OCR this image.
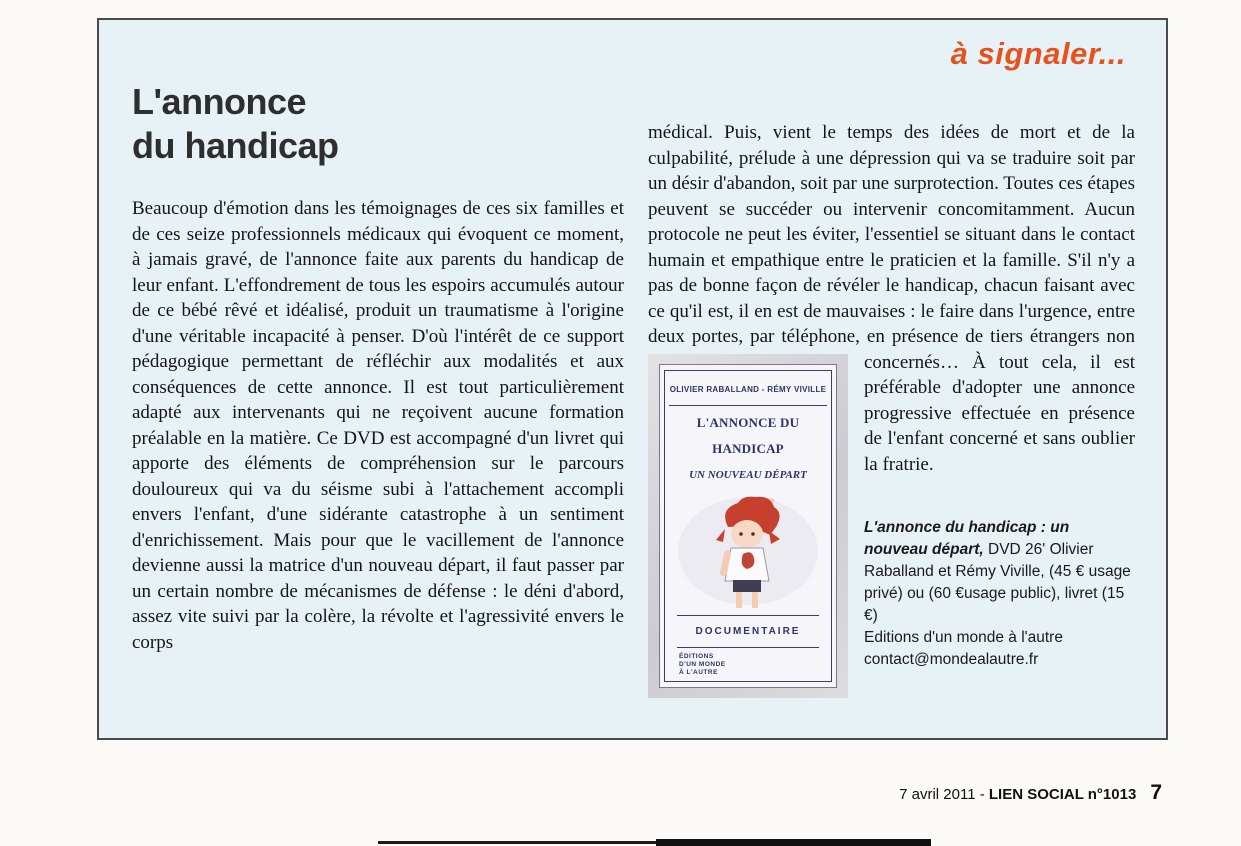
à signaler...
L'annonce
du handicap
Beaucoup d'émotion dans les témoignages de ces six familles et de ces seize professionnels médicaux qui évoquent ce moment, à jamais gravé, de l'annonce faite aux parents du handicap de leur enfant. L'effondrement de tous les espoirs accumulés autour de ce bébé rêvé et idéalisé, produit un traumatisme à l'origine d'une véritable incapacité à penser. D'où l'intérêt de ce support pédagogique permettant de réfléchir aux modalités et aux conséquences de cette annonce. Il est tout particulièrement adapté aux intervenants qui ne reçoivent aucune formation préalable en la matière. Ce DVD est accompagné d'un livret qui apporte des éléments de compréhension sur le parcours douloureux qui va du séisme subi à l'attachement accompli envers l'enfant, d'une sidérante catastrophe à un sentiment d'enrichissement. Mais pour que le vacillement de l'annonce devienne aussi la matrice d'un nouveau départ, il faut passer par un certain nombre de mécanismes de défense : le déni d'abord, assez vite suivi par la colère, la révolte et l'agressivité envers le corps
médical. Puis, vient le temps des idées de mort et de la culpabilité, prélude à une dépression qui va se traduire soit par un désir d'abandon, soit par une surprotection. Toutes ces étapes peuvent se succéder ou intervenir concomitamment. Aucun protocole ne peut les éviter, l'essentiel se situant dans le contact humain et empathique entre le praticien et la famille. S'il n'y a pas de bonne façon de révéler le handicap, chacun faisant avec ce qu'il est, il en est de mauvaises : le faire dans l'urgence, entre deux portes, par téléphone, en présence de tiers étrangers non concernés… À tout
OLIVIER RABALLAND - RÉMY VIVILLE
L'ANNONCE DU HANDICAP
UN NOUVEAU DÉPART
DOCUMENTAIRE
ÉDITIONS
D'UN MONDE
À L'AUTRE
cela, il est préférable d'adopter une annonce progressive effectuée en présence de l'enfant concerné et sans oublier la fratrie.
L'annonce du handicap : un nouveau départ, DVD 26' Olivier Raballand et Rémy Viville, (45 € usage privé) ou (60 €usage public), livret (15 €)
Editions d'un monde à l'autre
contact@mondealautre.fr
7 avril 2011 - LIEN SOCIAL n°1013 7
